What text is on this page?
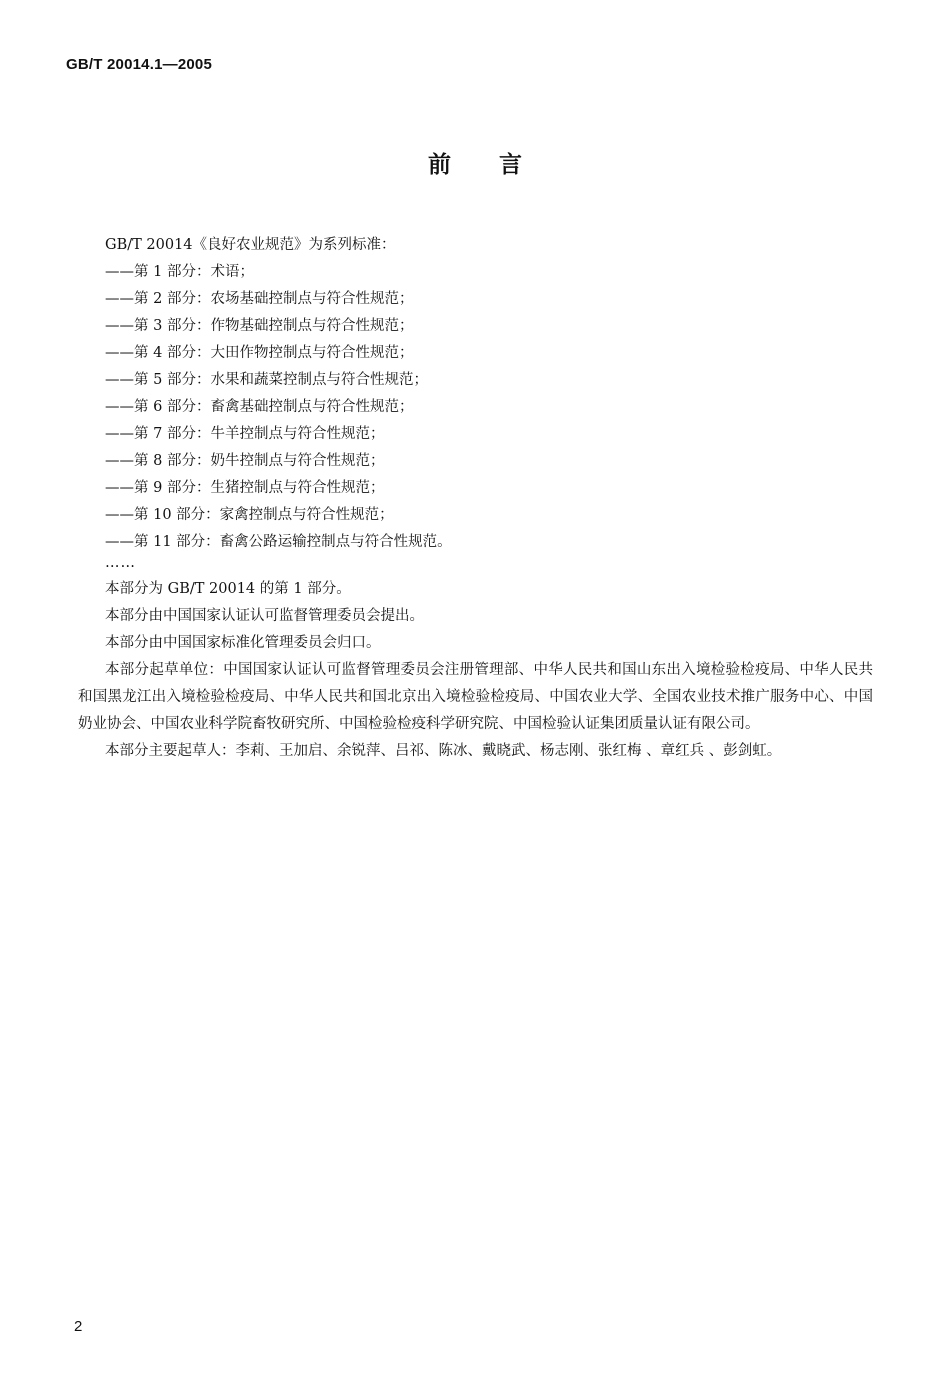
GB/T 20014.1—2005
前 言
GB/T 20014《良好农业规范》为系列标准：
——第 1 部分：术语；
——第 2 部分：农场基础控制点与符合性规范；
——第 3 部分：作物基础控制点与符合性规范；
——第 4 部分：大田作物控制点与符合性规范；
——第 5 部分：水果和蔬菜控制点与符合性规范；
——第 6 部分：畜禽基础控制点与符合性规范；
——第 7 部分：牛羊控制点与符合性规范；
——第 8 部分：奶牛控制点与符合性规范；
——第 9 部分：生猪控制点与符合性规范；
——第 10 部分：家禽控制点与符合性规范；
——第 11 部分：畜禽公路运输控制点与符合性规范。
……
本部分为 GB/T 20014 的第 1 部分。
本部分由中国国家认证认可监督管理委员会提出。
本部分由中国国家标准化管理委员会归口。
本部分起草单位：中国国家认证认可监督管理委员会注册管理部、中华人民共和国山东出入境检验检疫局、中华人民共和国黑龙江出入境检验检疫局、中华人民共和国北京出入境检验检疫局、中国农业大学、全国农业技术推广服务中心、中国奶业协会、中国农业科学院畜牧研究所、中国检验检疫科学研究院、中国检验认证集团质量认证有限公司。
本部分主要起草人：李莉、王加启、余锐萍、吕祁、陈冰、戴晓武、杨志刚、张红梅 、章红兵 、彭剑虹。
2
